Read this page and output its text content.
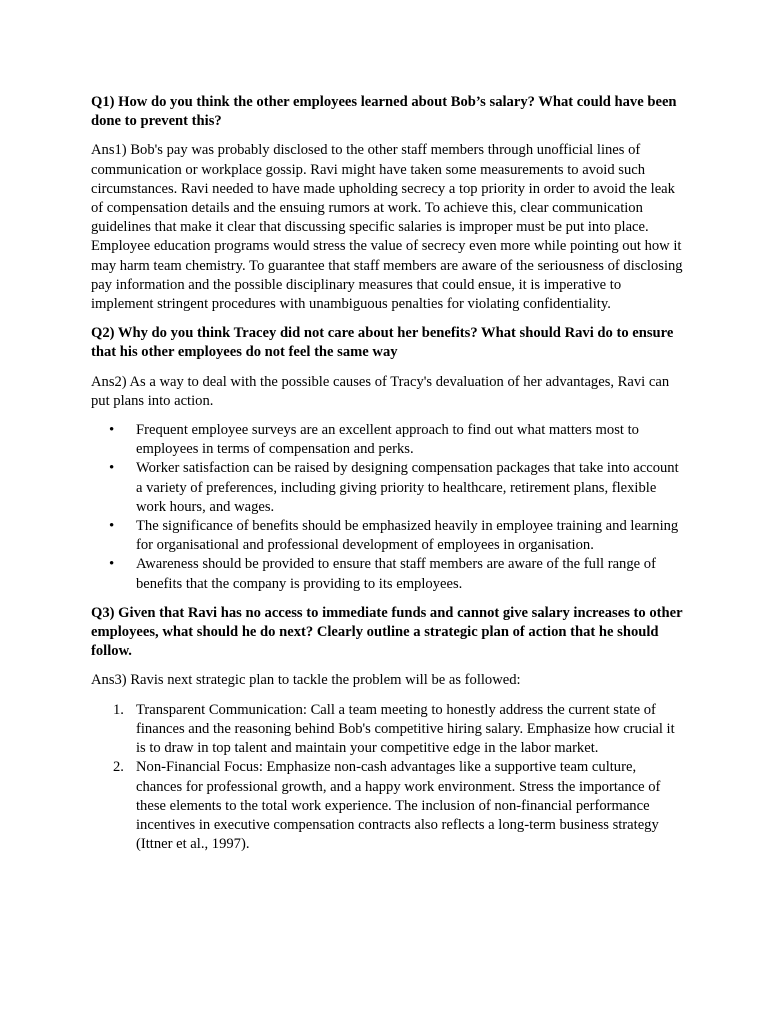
Q1) How do you think the other employees learned about Bob’s salary? What could have been done to prevent this?

Ans1) Bob's pay was probably disclosed to the other staff members through unofficial lines of communication or workplace gossip. Ravi might have taken some measurements to avoid such circumstances. Ravi needed to have made upholding secrecy a top priority in order to avoid the leak of compensation details and the ensuing rumors at work. To achieve this, clear communication guidelines that make it clear that discussing specific salaries is improper must be put into place. Employee education programs would stress the value of secrecy even more while pointing out how it may harm team chemistry. To guarantee that staff members are aware of the seriousness of disclosing pay information and the possible disciplinary measures that could ensue, it is imperative to implement stringent procedures with unambiguous penalties for violating confidentiality.

Q2) Why do you think Tracey did not care about her benefits? What should Ravi do to ensure that his other employees do not feel the same way

Ans2) As a way to deal with the possible causes of Tracy's devaluation of her advantages, Ravi can put plans into action.

• Frequent employee surveys are an excellent approach to find out what matters most to employees in terms of compensation and perks.
• Worker satisfaction can be raised by designing compensation packages that take into account a variety of preferences, including giving priority to healthcare, retirement plans, flexible work hours, and wages.
• The significance of benefits should be emphasized heavily in employee training and learning for organisational and professional development of employees in organisation.
• Awareness should be provided to ensure that staff members are aware of the full range of benefits that the company is providing to its employees.

Q3) Given that Ravi has no access to immediate funds and cannot give salary increases to other employees, what should he do next? Clearly outline a strategic plan of action that he should follow.

Ans3) Ravis next strategic plan to tackle the problem will be as followed:

Transparent Communication: Call a team meeting to honestly address the current state of finances and the reasoning behind Bob's competitive hiring salary. Emphasize how crucial it is to draw in top talent and maintain your competitive edge in the labor market.
Non-Financial Focus: Emphasize non-cash advantages like a supportive team culture, chances for professional growth, and a happy work environment. Stress the importance of these elements to the total work experience. The inclusion of non-financial performance incentives in executive compensation contracts also reflects a long-term business strategy (Ittner et al., 1997).
